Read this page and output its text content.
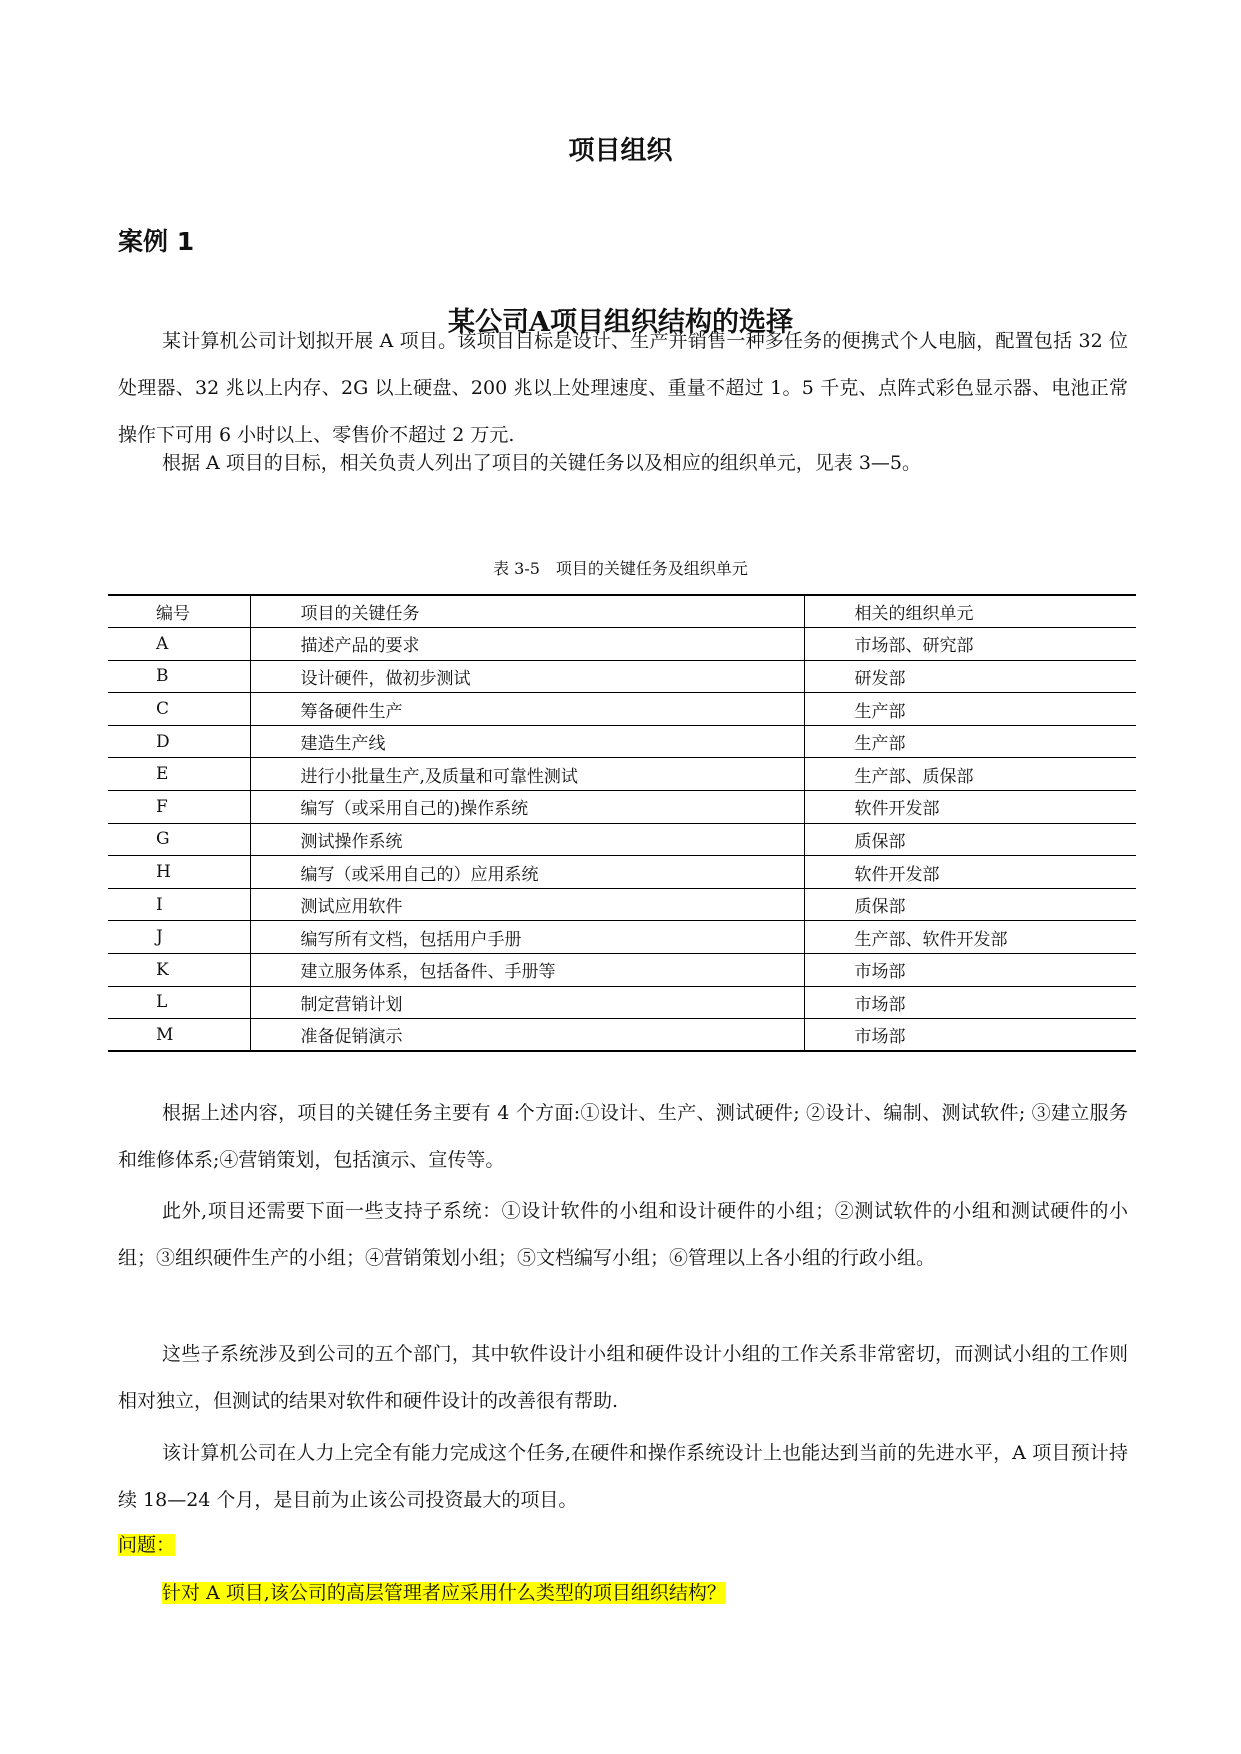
项目组织
案例 1
某公司A项目组织结构的选择

某计算机公司计划拟开展 A 项目。该项目目标是设计、生产并销售一种多任务的便携式个人电脑，配置包括 32 位处理器、32 兆以上内存、2G 以上硬盘、200 兆以上处理速度、重量不超过 1。5 千克、点阵式彩色显示器、电池正常操作下可用 6 小时以上、零售价不超过 2 万元.

根据 A 项目的目标，相关负责人列出了项目的关键任务以及相应的组织单元，见表 3—5。

表 3-5　项目的关键任务及组织单元

编号	项目的关键任务	相关的组织单元
A	描述产品的要求	市场部、研究部
B	设计硬件，做初步测试	研发部
C	筹备硬件生产	生产部
D	建造生产线	生产部
E	进行小批量生产,及质量和可靠性测试	生产部、质保部
F	编写（或采用自己的)操作系统	软件开发部
G	测试操作系统	质保部
H	编写（或采用自己的）应用系统	软件开发部
I	测试应用软件	质保部
J	编写所有文档，包括用户手册	生产部、软件开发部
K	建立服务体系，包括备件、手册等	市场部
L	制定营销计划	市场部
M	准备促销演示	市场部

根据上述内容，项目的关键任务主要有 4 个方面:①设计、生产、测试硬件; ②设计、编制、测试软件; ③建立服务和维修体系;④营销策划，包括演示、宣传等。

此外,项目还需要下面一些支持子系统：①设计软件的小组和设计硬件的小组；②测试软件的小组和测试硬件的小组；③组织硬件生产的小组；④营销策划小组；⑤文档编写小组；⑥管理以上各小组的行政小组。

这些子系统涉及到公司的五个部门，其中软件设计小组和硬件设计小组的工作关系非常密切，而测试小组的工作则相对独立，但测试的结果对软件和硬件设计的改善很有帮助.

该计算机公司在人力上完全有能力完成这个任务,在硬件和操作系统设计上也能达到当前的先进水平，A 项目预计持续 18—24 个月，是目前为止该公司投资最大的项目。

问题：

针对 A 项目,该公司的高层管理者应采用什么类型的项目组织结构？
